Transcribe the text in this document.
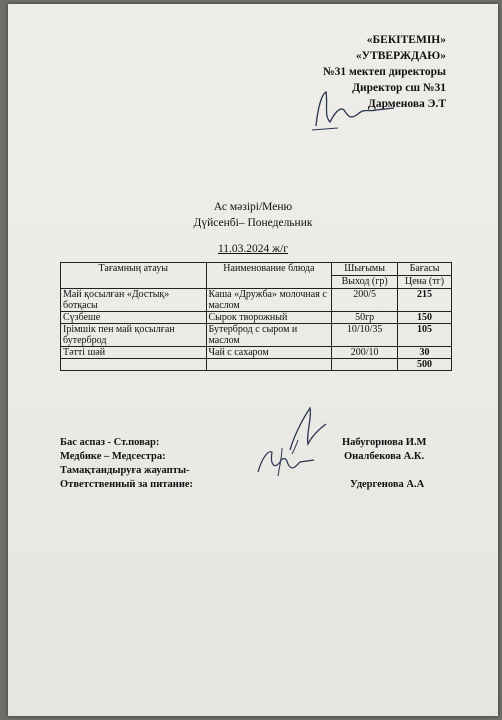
«БЕКІТЕМІН»
«УТВЕРЖДАЮ»
№31 мектеп директоры
Директор сш №31
Дарменова Э.Т
Ас мәзірі/Меню
Дүйсенбі– Понедельник
11.03.2024 ж/г
Тағамның атауы	Наименование блюда	Шығымы	Бағасы
		Выход (гр)	Цена (тг)
Май қосылған «Достық» ботқасы	Каша «Дружба» молочная с маслом	200/5	215
Сүзбеше	Сырок творожный	50гр	150
Ірімшік пен май қосылған бутерброд	Бутерброд с сыром и маслом	10/10/35	105
Тәтті шәй	Чай с сахаром	200/10	30
			500
Бас аспаз - Ст.повар:	Набугорнова И.М
Медбике – Медсестра:	Оналбекова А.К.
Тамақтандыруға жауапты-
Ответственный за питание:	Удергенова А.А
